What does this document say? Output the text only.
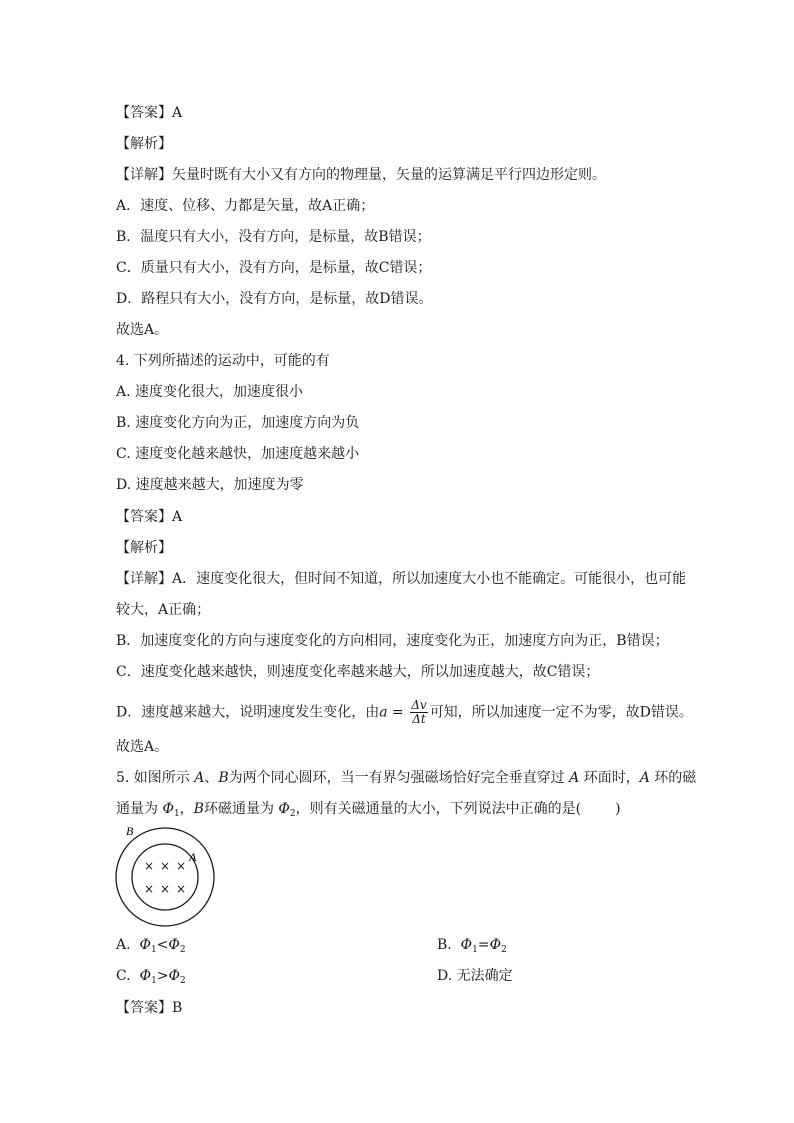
【答案】A
【解析】
【详解】矢量时既有大小又有方向的物理量，矢量的运算满足平行四边形定则。
A．速度、位移、力都是矢量，故A正确；
B．温度只有大小，没有方向，是标量，故B错误；
C．质量只有大小，没有方向，是标量，故C错误；
D．路程只有大小，没有方向，是标量，故D错误。
故选A。
4. 下列所描述的运动中，可能的有
A. 速度变化很大，加速度很小
B. 速度变化方向为正，加速度方向为负
C. 速度变化越来越快，加速度越来越小
D. 速度越来越大，加速度为零
【答案】A
【解析】
【详解】A．速度变化很大，但时间不知道，所以加速度大小也不能确定。可能很小，也可能
较大，A正确；
B．加速度变化的方向与速度变化的方向相同，速度变化为正，加速度方向为正，B错误；
C．速度变化越来越快，则速度变化率越来越大，所以加速度越大，故C错误；
D．速度越来越大，说明速度发生变化，由$a = \frac{\Delta v}{\Delta t}$ 可知，所以加速度一定不为零，故D错误。
故选A。
5. 如图所示 A、B为两个同心圆环，当一有界匀强磁场恰好完全垂直穿过 A 环面时，A 环的磁
通量为 $\Phi_1$，B环磁通量为 $\Phi_2$，则有关磁通量的大小，下列说法中正确的是( )
B
A
× × ×
× × ×
A. $\Phi_1<\Phi_2$	B. $\Phi_1=\Phi_2$
C. $\Phi_1>\Phi_2$	D. 无法确定
【答案】B
